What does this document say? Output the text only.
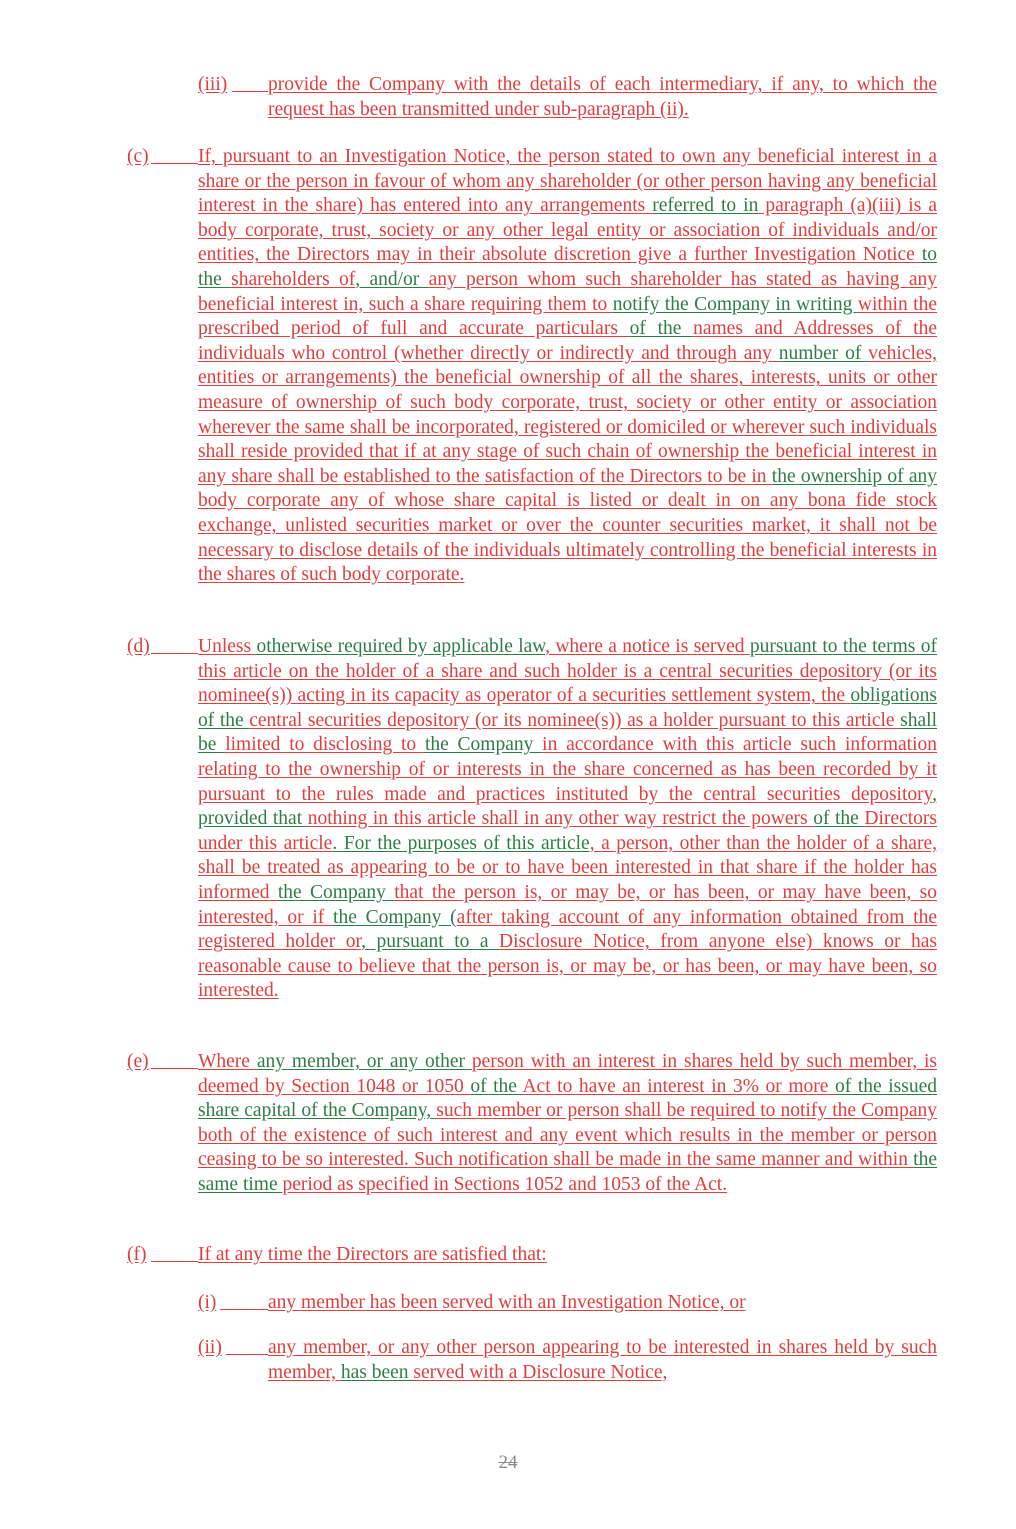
(iii) provide the Company with the details of each intermediary, if any, to which the request has been transmitted under sub-paragraph (ii).
(c)	If, pursuant to an Investigation Notice, the person stated to own any beneficial interest in a share or the person in favour of whom any shareholder (or other person having any beneficial interest in the share) has entered into any arrangements referred to in paragraph (a)(iii) is a body corporate, trust, society or any other legal entity or association of individuals and/or entities, the Directors may in their absolute discretion give a further Investigation Notice to the shareholders of, and/or any person whom such shareholder has stated as having any beneficial interest in, such a share requiring them to notify the Company in writing within the prescribed period of full and accurate particulars of the names and Addresses of the individuals who control (whether directly or indirectly and through any number of vehicles, entities or arrangements) the beneficial ownership of all the shares, interests, units or other measure of ownership of such body corporate, trust, society or other entity or association wherever the same shall be incorporated, registered or domiciled or wherever such individuals shall reside provided that if at any stage of such chain of ownership the beneficial interest in any share shall be established to the satisfaction of the Directors to be in the ownership of any body corporate any of whose share capital is listed or dealt in on any bona fide stock exchange, unlisted securities market or over the counter securities market, it shall not be necessary to disclose details of the individuals ultimately controlling the beneficial interests in the shares of such body corporate.
(d) Unless otherwise required by applicable law, where a notice is served pursuant to the terms of this article on the holder of a share and such holder is a central securities depository (or its nominee(s)) acting in its capacity as operator of a securities settlement system, the obligations of the central securities depository (or its nominee(s)) as a holder pursuant to this article shall be limited to disclosing to the Company in accordance with this article such information relating to the ownership of or interests in the share concerned as has been recorded by it pursuant to the rules made and practices instituted by the central securities depository, provided that nothing in this article shall in any other way restrict the powers of the Directors under this article. For the purposes of this article, a person, other than the holder of a share, shall be treated as appearing to be or to have been interested in that share if the holder has informed the Company that the person is, or may be, or has been, or may have been, so interested, or if the Company (after taking account of any information obtained from the registered holder or, pursuant to a Disclosure Notice, from anyone else) knows or has reasonable cause to believe that the person is, or may be, or has been, or may have been, so interested.
(e)	Where any member, or any other person with an interest in shares held by such member, is deemed by Section 1048 or 1050 of the Act to have an interest in 3% or more of the issued share capital of the Company, such member or person shall be required to notify the Company both of the existence of such interest and any event which results in the member or person ceasing to be so interested. Such notification shall be made in the same manner and within the same time period as specified in Sections 1052 and 1053 of the Act.
(f)	If at any time the Directors are satisfied that:
(i)	any member has been served with an Investigation Notice, or
(ii) any member, or any other person appearing to be interested in shares held by such member, has been served with a Disclosure Notice,
24
